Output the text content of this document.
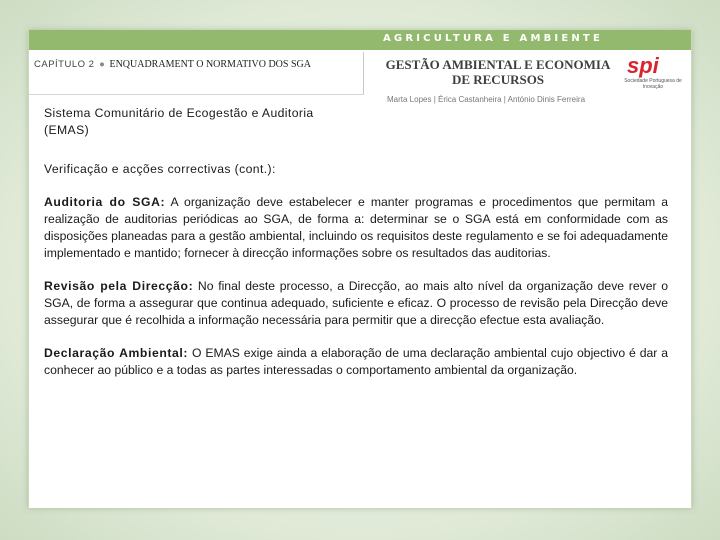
AGRICULTURA E AMBIENTE
CAPÍTULO 2 ● ENQUADRAMENT O NORMATIVO DOS SGA	GESTÃO AMBIENTAL E ECONOMIA
DE RECURSOS
spi
Sociedade Portuguesa de Inovação
Marta Lopes | Érica Castanheira | António Dinis Ferreira

Sistema Comunitário de Ecogestão e Auditoria (EMAS)

Verificação e acções correctivas (cont.):

Auditoria do SGA: A organização deve estabelecer e manter programas e procedimentos que permitam a realização de auditorias periódicas ao SGA, de forma a: determinar se o SGA está em conformidade com as disposições planeadas para a gestão ambiental, incluindo os requisitos deste regulamento e se foi adequadamente implementado e mantido; fornecer à direcção informações sobre os resultados das auditorias.

Revisão pela Direcção: No final deste processo, a Direcção, ao mais alto nível da organização deve rever o SGA, de forma a assegurar que continua adequado, suficiente e eficaz. O processo de revisão pela Direcção deve assegurar que é recolhida a informação necessária para permitir que a direcção efectue esta avaliação.

Declaração Ambiental: O EMAS exige ainda a elaboração de uma declaração ambiental cujo objectivo é dar a conhecer ao público e a todas as partes interessadas o comportamento ambiental da organização.
